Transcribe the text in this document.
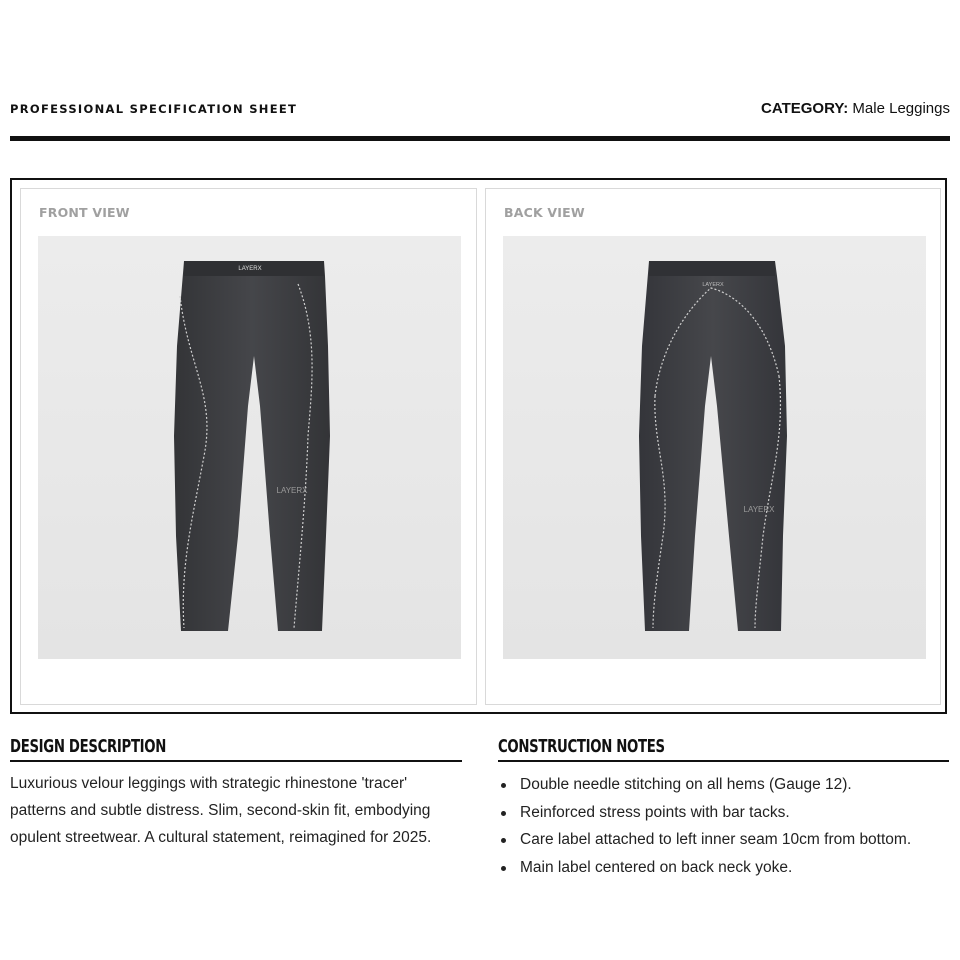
PROFESSIONAL SPECIFICATION SHEET	CATEGORY: Male Leggings
FRONT VIEW
LAYERX
LAYERX
BACK VIEW
LAYERX
LAYERX
DESIGN DESCRIPTION
Luxurious velour leggings with strategic rhinestone 'tracer' patterns and subtle distress. Slim, second-skin fit, embodying opulent streetwear. A cultural statement, reimagined for 2025.
CONSTRUCTION NOTES
Double needle stitching on all hems (Gauge 12).
Reinforced stress points with bar tacks.
Care label attached to left inner seam 10cm from bottom.
Main label centered on back neck yoke.
